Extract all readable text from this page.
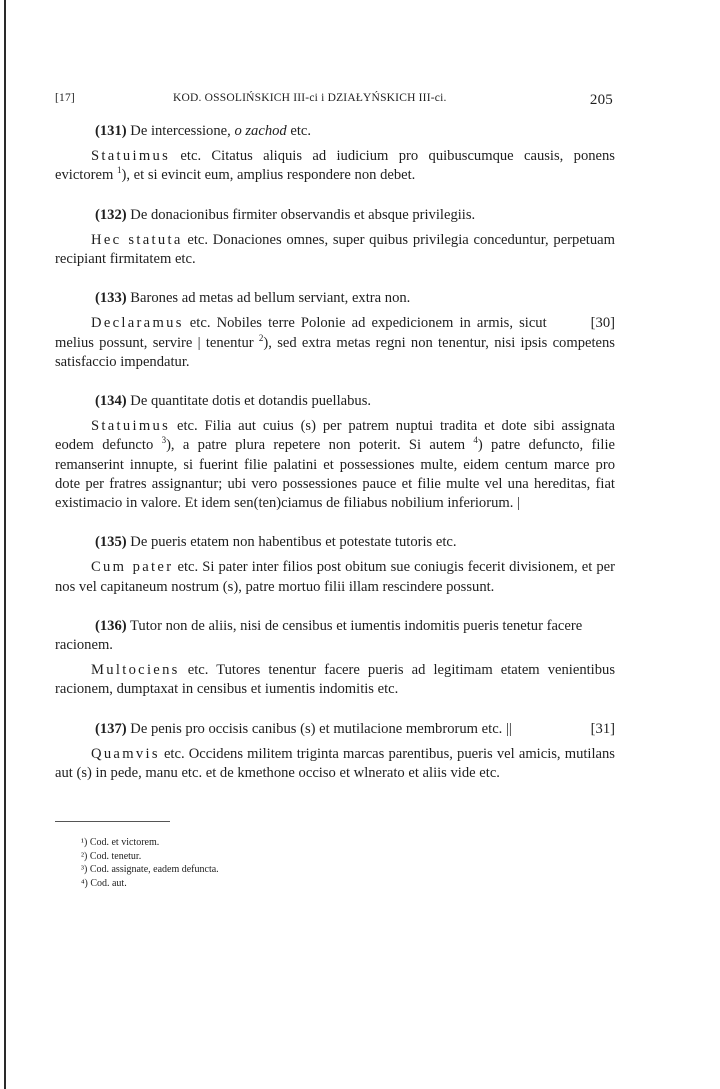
[17]	KOD. OSSOLIŃSKICH III-ci i DZIAŁYŃSKICH III-ci.	205

(131) De intercessione, o zachod etc.

Statuimus etc. Citatus aliquis ad iudicium pro quibuscumque causis, ponens evictorem $^1$), et si evincit eum, amplius respondere non debet.

(132) De donacionibus firmiter observandis et absque privilegiis.

Hec statuta etc. Donaciones omnes, super quibus privilegia conceduntur, perpetuam recipiant firmitatem etc.

(133) Barones ad metas ad bellum serviant, extra non.

[30]
Declaramus etc. Nobiles terre Polonie ad expedicionem in armis, sicut melius possunt, servire | tenentur $^2$), sed extra metas regni non tenentur, nisi ipsis competens satisfaccio impendatur.

(134) De quantitate dotis et dotandis puellabus.

Statuimus etc. Filia aut cuius (s) per patrem nuptui tradita et dote sibi assignata eodem defuncto $^3$), a patre plura repetere non poterit. Si autem $^4$) patre defuncto, filie remanserint innupte, si fuerint filie palatini et possessiones multe, eidem centum marce pro dote per fratres assignantur; ubi vero possessiones pauce et filie multe vel una hereditas, fiat existimacio in valore. Et idem sen(ten)ciamus de filiabus nobilium inferiorum. |

(135) De pueris etatem non habentibus et potestate tutoris etc.

Cum pater etc. Si pater inter filios post obitum sue coniugis fecerit divisionem, et per nos vel capitaneum nostrum (s), patre mortuo filii illam rescindere possunt.

(136) Tutor non de aliis, nisi de censibus et iumentis indomitis pueris tenetur facere racionem.

Multociens etc. Tutores tenentur facere pueris ad legitimam etatem venientibus racionem, dumptaxat in censibus et iumentis indomitis etc.

[31]
(137) De penis pro occisis canibus (s) et mutilacione membrorum etc. ||

Quamvis etc. Occidens militem triginta marcas parentibus, pueris vel amicis, mutilans aut (s) in pede, manu etc. et de kmethone occiso et wlnerato et aliis vide etc.

¹) Cod. et victorem.
²) Cod. tenetur.
³) Cod. assignate, eadem defuncta.
⁴) Cod. aut.
